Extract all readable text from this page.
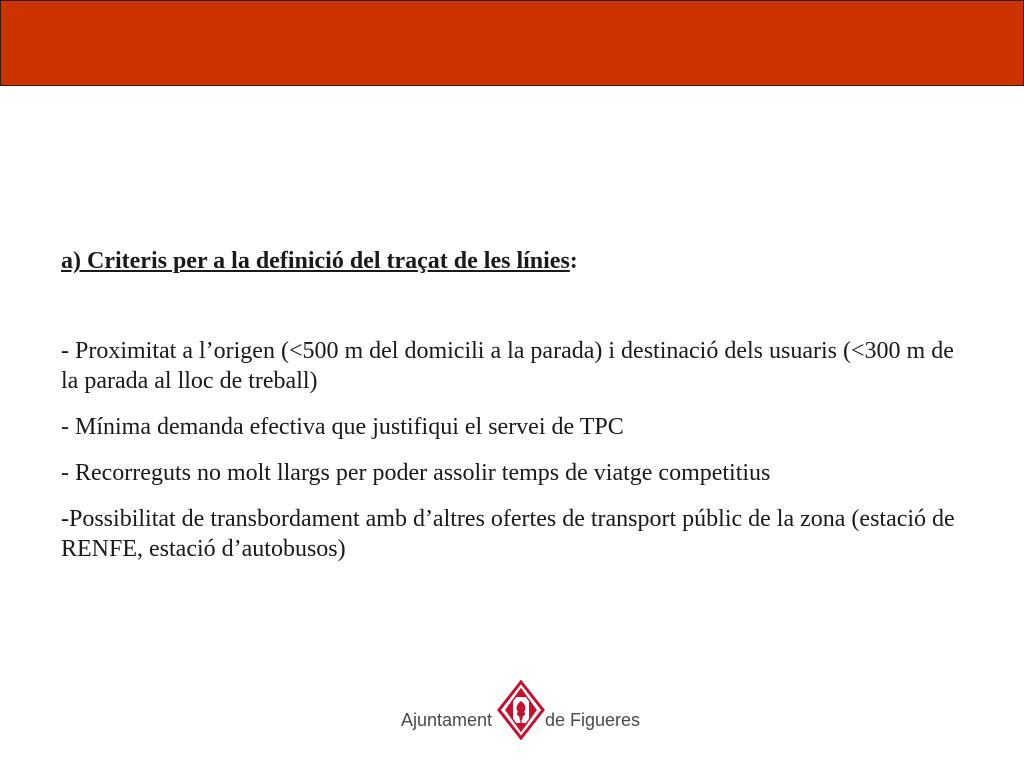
a) Criteris per a la definició del traçat de les línies:

- Proximitat a l’origen (<500 m del domicili a la parada) i destinació dels usuaris (<300 m de la parada al lloc de treball)

- Mínima demanda efectiva que justifiqui el servei de TPC

- Recorreguts no molt llargs per poder assolir temps de viatge competitius

-Possibilitat de transbordament amb d’altres ofertes de transport públic de la zona (estació de RENFE, estació d’autobusos)

Ajuntament	de Figueres
